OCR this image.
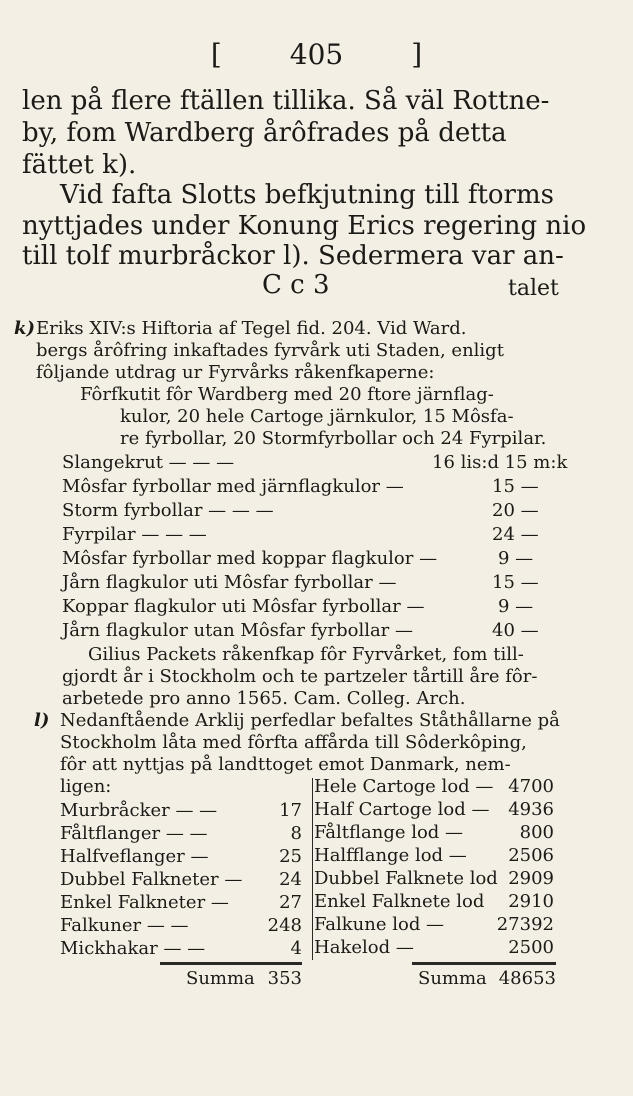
[ 405 ]
len på flere ftällen tillika. Så väl Rottne-
by, fom Wardberg årôfrades på detta
fättet k).
Vid fafta Slotts befkjutning till ftorms
nyttjades under Konung Erics regering nio
till tolf murbråckor l). Sedermera var an-
C c 3	talet
k) Eriks XIV:s Hiftoria af Tegel fid. 204. Vid Ward.
bergs årôfring inkaftades fyrvårk uti Staden, enligt
fôljande utdrag ur Fyrvårks råkenfkaperne:
Fôrfkutit fôr Wardberg med 20 ftore järnflag-
kulor, 20 hele Cartoge järnkulor, 15 Môsfa-
re fyrbollar, 20 Stormfyrbollar och 24 Fyrpilar.
Slangekrut — — —	16 lis:d 15 m:k
Môsfar fyrbollar med järnflagkulor —	15 —
Storm fyrbollar — — —	20 —
Fyrpilar — — —	24 —
Môsfar fyrbollar med koppar flagkulor —	9 —
Jårn flagkulor uti Môsfar fyrbollar —	15 —
Koppar flagkulor uti Môsfar fyrbollar —	9 —
Jårn flagkulor utan Môsfar fyrbollar —	40 —
Gilius Packets råkenfkap fôr Fyrvårket, fom till-
gjordt år i Stockholm och te partzeler tårtill åre fôr-
arbetede pro anno 1565. Cam. Colleg. Arch.
l) Nedanftående Arklij perfedlar befaltes Ståthållarne på
Stockholm låta med fôrfta affårda till Sôderkôping,
fôr att nyttjas på landttoget emot Danmark, nem-
ligen:
Murbråcker — —	17
Fåltflanger — —	8
Halfveflanger —	25
Dubbel Falkneter — 24
Enkel Falkneter —	27
Falkuner — —	248
Mickhakar — —	4
Summa 353
Hele Cartoge lod — 4700
Half Cartoge lod — 4936
Fåltflange lod —	800
Halfflange lod — 2506
Dubbel Falknete lod 2909
Enkel Falknete lod 2910
Falkune lod —	27392
Hakelod —	2500
Summa 48653
